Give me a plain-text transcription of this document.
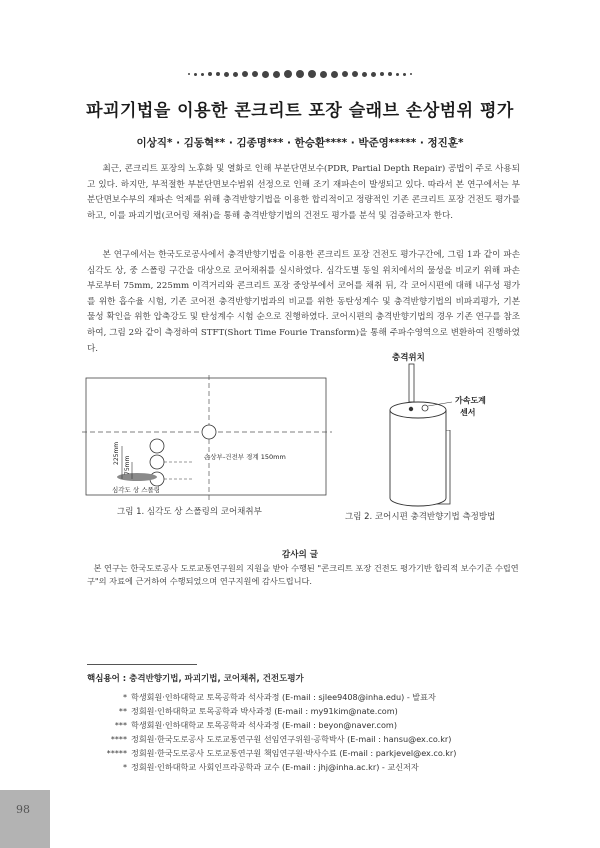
파괴기법을 이용한 콘크리트 포장 슬래브 손상범위 평가
이상직* · 김동혁** · 김종명*** · 한승환**** · 박준영***** · 정진훈*

최근, 콘크리트 포장의 노후화 및 열화로 인해 부분단면보수(PDR, Partial Depth Repair) 공법이 주로 사용되고 있다. 하지만, 부적절한 부분단면보수범위 선정으로 인해 조기 재파손이 발생되고 있다. 따라서 본 연구에서는 부분단면보수부의 재파손 억제를 위해 충격반향기법을 이용한 합리적이고 정량적인 기존 콘크리트 포장 건전도 평가를 하고, 이를 파괴기법(코어링 채취)을 통해 충격반향기법의 건전도 평가를 분석 및 검증하고자 한다.

본 연구에서는 한국도로공사에서 충격반향기법을 이용한 콘크리트 포장 건전도 평가구간에, 그림 1과 같이 파손 심각도 상, 중 스폴링 구간을 대상으로 코어채취를 실시하였다. 심각도별 동일 위치에서의 물성을 비교키 위해 파손부로부터 75mm, 225mm 이격거리와 콘크리트 포장 중앙부에서 코어를 채취 뒤, 각 코어시편에 대해 내구성 평가를 위한 흡수율 시험, 기존 코어전 충격반향기법과의 비교를 위한 동탄성계수 및 충격반향기법의 비파괴평가, 기본 물성 확인을 위한 압축강도 및 탄성계수 시험 순으로 진행하였다. 코어시편의 충격반향기법의 경우 기존 연구를 참조하여, 그림 2와 같이 측정하여 STFT(Short Time Fourie Transform)을 통해 주파수영역으로 변환하여 진행하였다.

225mm
75mm	손상부-건전부 경계 150mm
심각도 상 스폴링
그림 1. 심각도 상 스폴링의 코어채취부
충격위치
가속도계
센서
그림 2. 코어시편 충격반향기법 측정방법
감사의 글

본 연구는 한국도로공사 도로교통연구원의 지원을 받아 수행된 "콘크리트 포장 건전도 평가기반 합리적 보수기준 수립연구"의 자료에 근거하여 수행되었으며 연구지원에 감사드립니다.

핵심용어 : 충격반향기법, 파괴기법, 코어채취, 건전도평가
* 학생회원·인하대학교 토목공학과 석사과정 (E-mail : sjlee9408@inha.edu) - 발표자
** 정회원·인하대학교 토목공학과 박사과정 (E-mail : my91kim@nate.com)
*** 학생회원·인하대학교 토목공학과 석사과정 (E-mail : beyon@naver.com)
**** 정회원·한국도로공사 도로교통연구원 선임연구위원·공학박사 (E-mail : hansu@ex.co.kr)
***** 정회원·한국도로공사 도로교통연구원 책임연구원·박사수료 (E-mail : parkjevel@ex.co.kr)
* 정회원·인하대학교 사회인프라공학과 교수 (E-mail : jhj@inha.ac.kr) - 교신저자
98
